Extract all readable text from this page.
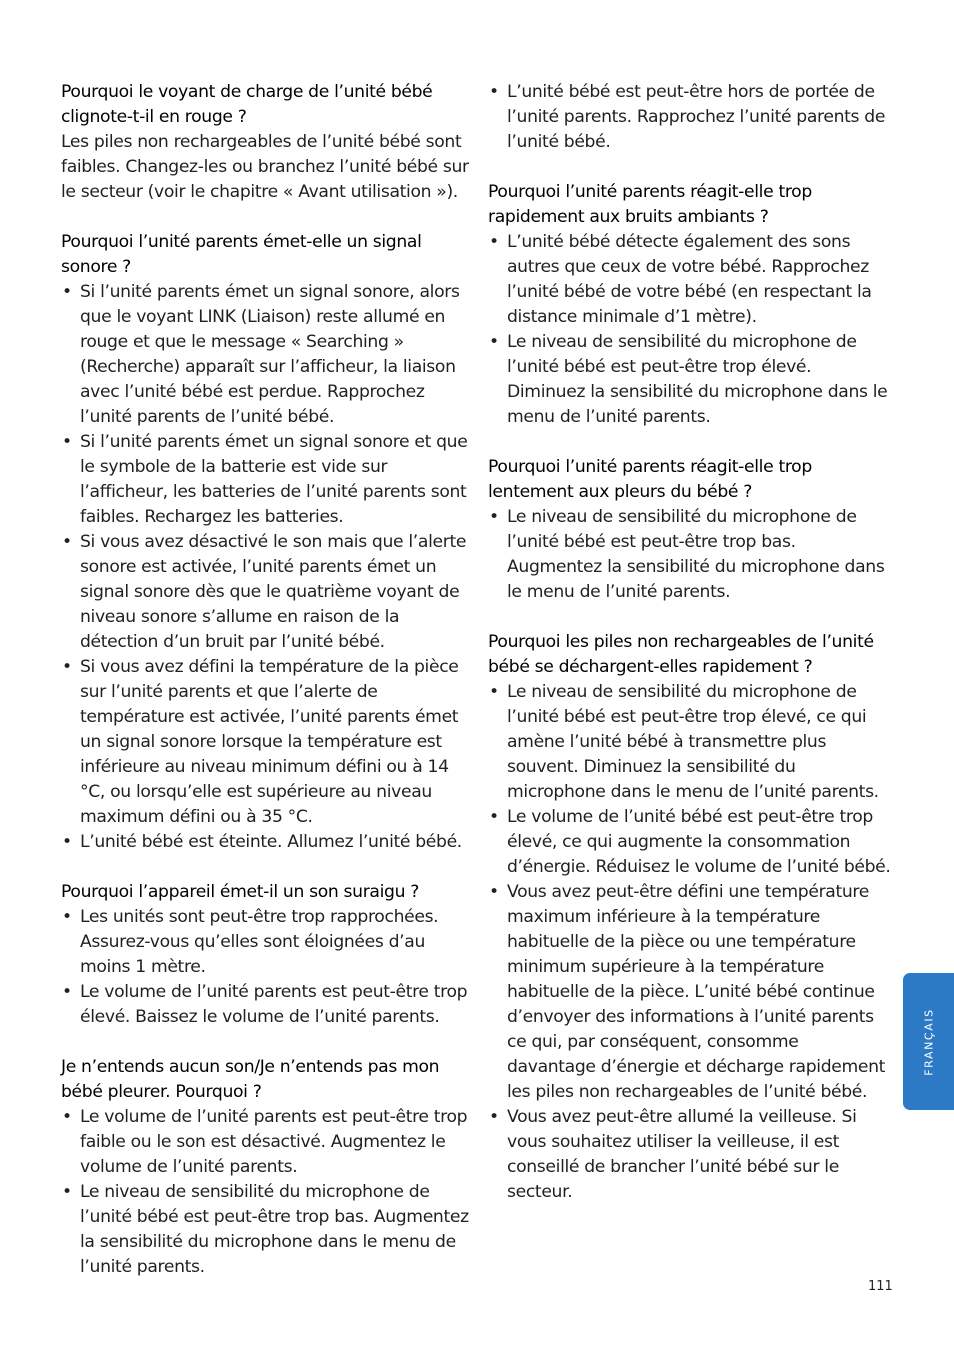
Pourquoi le voyant de charge de l’unité bébé clignote-t-il en rouge ?

Les piles non rechargeables de l’unité bébé sont faibles. Changez-les ou branchez l’unité bébé sur le secteur (voir le chapitre « Avant utilisation »).

Pourquoi l’unité parents émet-elle un signal sonore ?

• Si l’unité parents émet un signal sonore, alors que le voyant LINK (Liaison) reste allumé en rouge et que le message « Searching » (Recherche) apparaît sur l’afficheur, la liaison avec l’unité bébé est perdue. Rapprochez l’unité parents de l’unité bébé.
• Si l’unité parents émet un signal sonore et que le symbole de la batterie est vide sur l’afficheur, les batteries de l’unité parents sont faibles. Rechargez les batteries.
• Si vous avez désactivé le son mais que l’alerte sonore est activée, l’unité parents émet un signal sonore dès que le quatrième voyant de niveau sonore s’allume en raison de la détection d’un bruit par l’unité bébé.
• Si vous avez défini la température de la pièce sur l’unité parents et que l’alerte de température est activée, l’unité parents émet un signal sonore lorsque la température est inférieure au niveau minimum défini ou à 14 °C, ou lorsqu’elle est supérieure au niveau maximum défini ou à 35 °C.
• L’unité bébé est éteinte. Allumez l’unité bébé.

Pourquoi l’appareil émet-il un son suraigu ?

• Les unités sont peut-être trop rapprochées. Assurez-vous qu’elles sont éloignées d’au moins 1 mètre.
• Le volume de l’unité parents est peut-être trop élevé. Baissez le volume de l’unité parents.

Je n’entends aucun son/Je n’entends pas mon bébé pleurer. Pourquoi ?

• Le volume de l’unité parents est peut-être trop faible ou le son est désactivé. Augmentez le volume de l’unité parents.
• Le niveau de sensibilité du microphone de l’unité bébé est peut-être trop bas. Augmentez la sensibilité du microphone dans le menu de l’unité parents.
• L’unité bébé est peut-être hors de portée de l’unité parents. Rapprochez l’unité parents de l’unité bébé.

Pourquoi l’unité parents réagit-elle trop rapidement aux bruits ambiants ?

• L’unité bébé détecte également des sons autres que ceux de votre bébé. Rapprochez l’unité bébé de votre bébé (en respectant la distance minimale d’1 mètre).
• Le niveau de sensibilité du microphone de l’unité bébé est peut-être trop élevé. Diminuez la sensibilité du microphone dans le menu de l’unité parents.

Pourquoi l’unité parents réagit-elle trop lentement aux pleurs du bébé ?

• Le niveau de sensibilité du microphone de l’unité bébé est peut-être trop bas. Augmentez la sensibilité du microphone dans le menu de l’unité parents.

Pourquoi les piles non rechargeables de l’unité bébé se déchargent-elles rapidement ?

• Le niveau de sensibilité du microphone de l’unité bébé est peut-être trop élevé, ce qui amène l’unité bébé à transmettre plus souvent. Diminuez la sensibilité du microphone dans le menu de l’unité parents.
• Le volume de l’unité bébé est peut-être trop élevé, ce qui augmente la consommation d’énergie. Réduisez le volume de l’unité bébé.
• Vous avez peut-être défini une température maximum inférieure à la température habituelle de la pièce ou une température minimum supérieure à la température habituelle de la pièce. L’unité bébé continue d’envoyer des informations à l’unité parents ce qui, par conséquent, consomme davantage d’énergie et décharge rapidement les piles non rechargeables de l’unité bébé.
• Vous avez peut-être allumé la veilleuse. Si vous souhaitez utiliser la veilleuse, il est conseillé de brancher l’unité bébé sur le secteur.
FRANÇAIS
111
